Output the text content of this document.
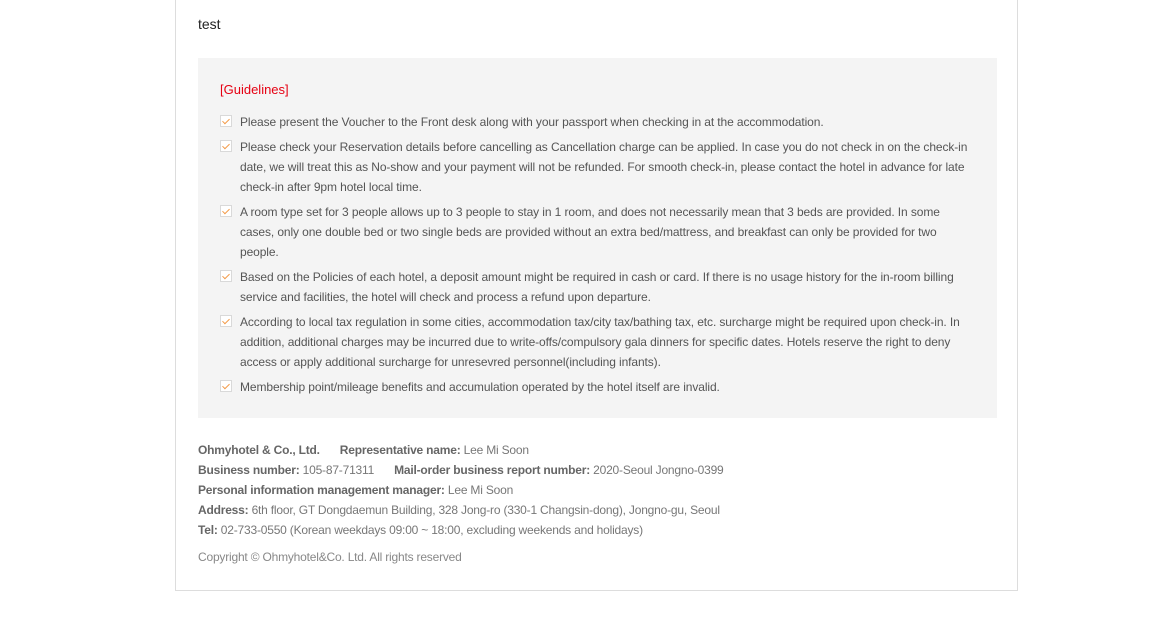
test
[Guidelines]
Please present the Voucher to the Front desk along with your passport when checking in at the accommodation.
Please check your Reservation details before cancelling as Cancellation charge can be applied. In case you do not check in on the check-in date, we will treat this as No-show and your payment will not be refunded. For smooth check-in, please contact the hotel in advance for late check-in after 9pm hotel local time.
A room type set for 3 people allows up to 3 people to stay in 1 room, and does not necessarily mean that 3 beds are provided. In some cases, only one double bed or two single beds are provided without an extra bed/mattress, and breakfast can only be provided for two people.
Based on the Policies of each hotel, a deposit amount might be required in cash or card. If there is no usage history for the in-room billing service and facilities, the hotel will check and process a refund upon departure.
According to local tax regulation in some cities, accommodation tax/city tax/bathing tax, etc. surcharge might be required upon check-in. In addition, additional charges may be incurred due to write-offs/compulsory gala dinners for specific dates. Hotels reserve the right to deny access or apply additional surcharge for unresevred personnel(including infants).
Membership point/mileage benefits and accumulation operated by the hotel itself are invalid.
Ohmyhotel & Co., Ltd. Representative name: Lee Mi Soon
Business number: 105-87-71311 Mail-order business report number: 2020-Seoul Jongno-0399
Personal information management manager: Lee Mi Soon
Address: 6th floor, GT Dongdaemun Building, 328 Jong-ro (330-1 Changsin-dong), Jongno-gu, Seoul
Tel: 02-733-0550 (Korean weekdays 09:00 ~ 18:00, excluding weekends and holidays)
Copyright © Ohmyhotel&Co. Ltd. All rights reserved
